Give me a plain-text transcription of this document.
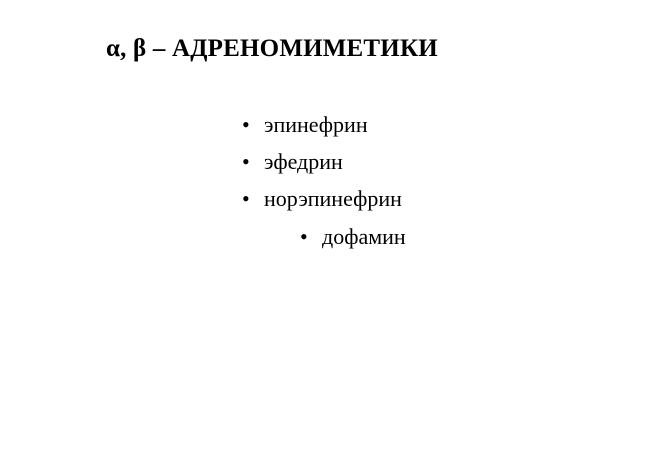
α, β – АДРЕНОМИМЕТИКИ
• эпинефрин
• эфедрин
• норэпинефрин
• дофамин
